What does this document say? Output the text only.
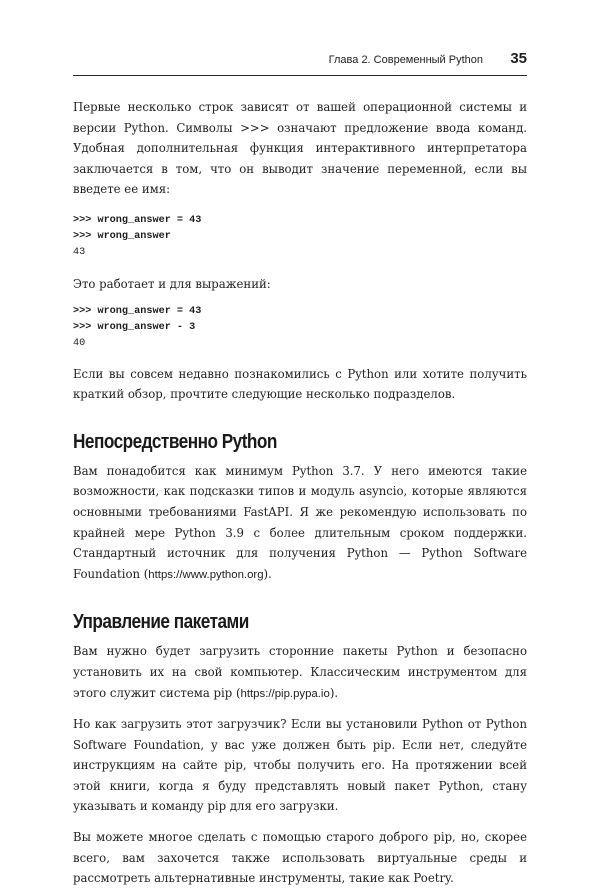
Глава 2. Современный Python 35

Первые несколько строк зависят от вашей операционной системы и версии Python. Символы >>> означают предложение ввода команд. Удобная дополнительная функция интерактивного интерпретатора заключается в том, что он выводит значение переменной, если вы введете ее имя:

>>> wrong_answer = 43
>>> wrong_answer
43

Это работает и для выражений:

>>> wrong_answer = 43
>>> wrong_answer - 3
40

Если вы совсем недавно познакомились с Python или хотите получить краткий обзор, прочтите следующие несколько подразделов.

Непосредственно Python

Вам понадобится как минимум Python 3.7. У него имеются такие возможности, как подсказки типов и модуль asyncio, которые являются основными требованиями FastAPI. Я же рекомендую использовать по крайней мере Python 3.9 с более длительным сроком поддержки. Стандартный источник для получения Python — Python Software Foundation (https://www.python.org).

Управление пакетами

Вам нужно будет загрузить сторонние пакеты Python и безопасно установить их на свой компьютер. Классическим инструментом для этого служит система pip (https://pip.pypa.io).

Но как загрузить этот загрузчик? Если вы установили Python от Python Software Foundation, у вас уже должен быть pip. Если нет, следуйте инструкциям на сайте pip, чтобы получить его. На протяжении всей этой книги, когда я буду представлять новый пакет Python, стану указывать и команду pip для его загрузки.

Вы можете многое сделать с помощью старого доброго pip, но, скорее всего, вам захочется также использовать виртуальные среды и рассмотреть альтернативные инструменты, такие как Poetry.
